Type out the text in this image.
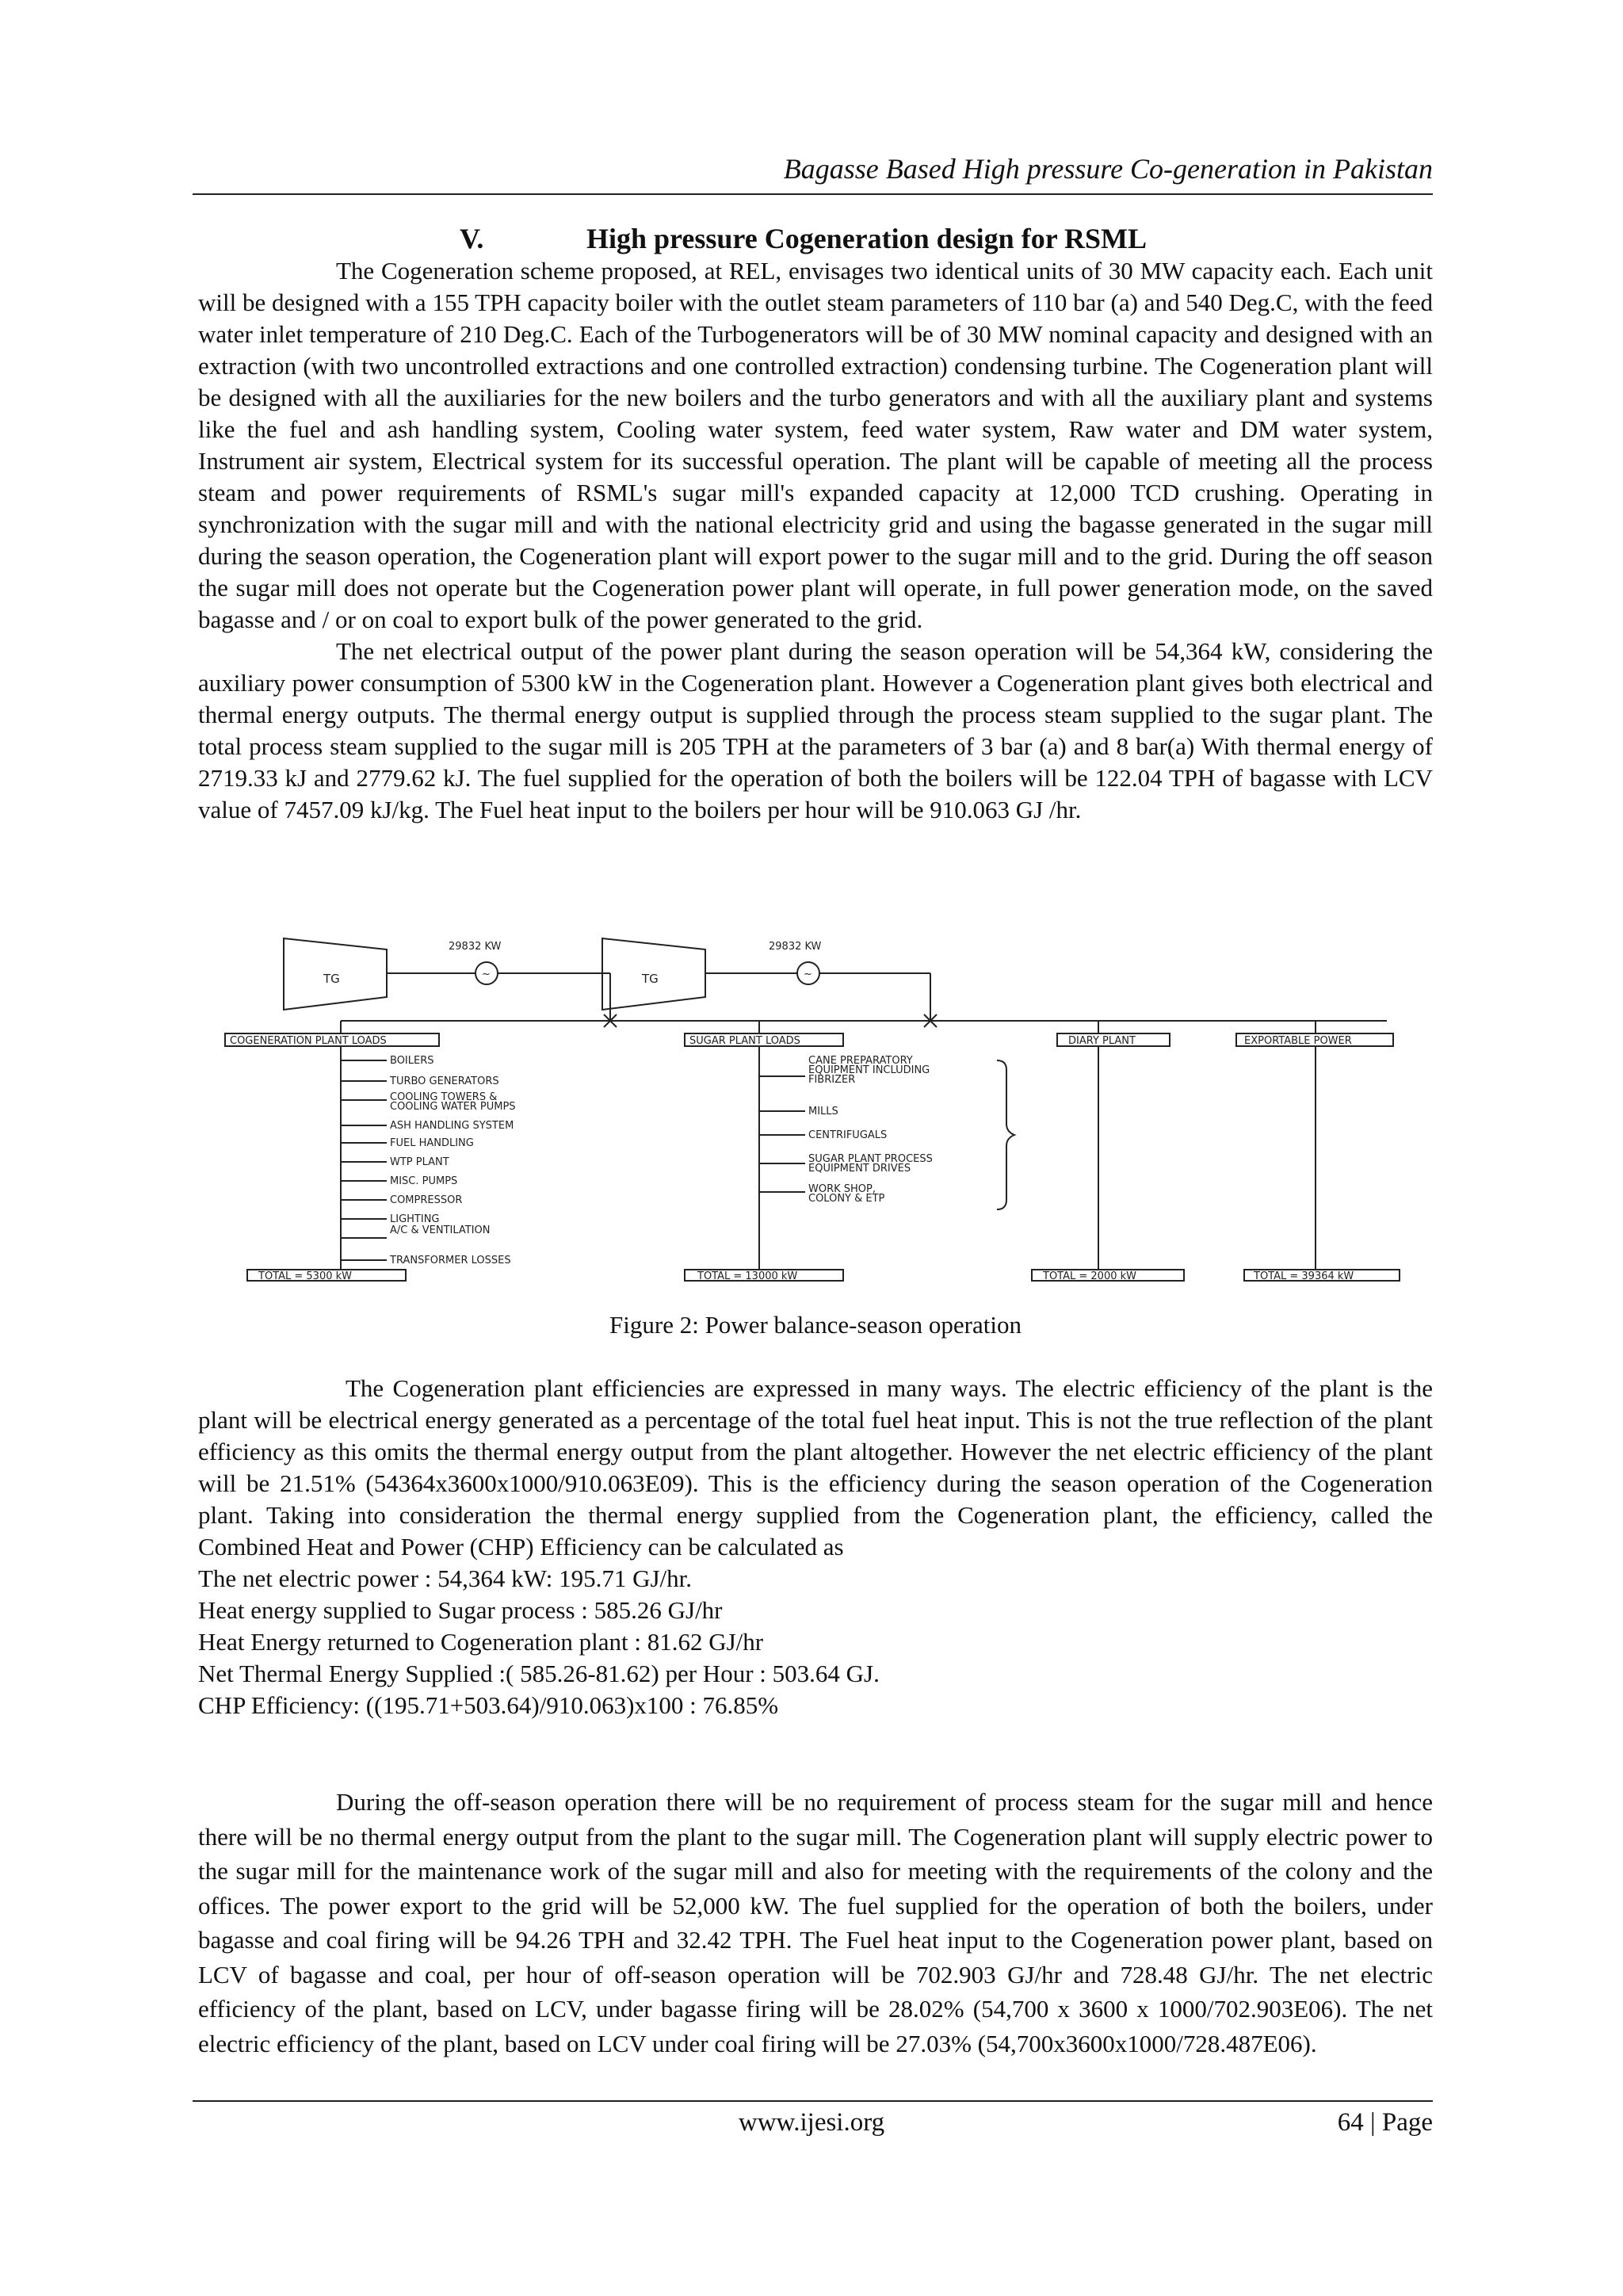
Bagasse Based High pressure Co-generation in Pakistan
V.	High pressure Cogeneration design for RSML

The Cogeneration scheme proposed, at REL, envisages two identical units of 30 MW capacity each. Each unit will be designed with a 155 TPH capacity boiler with the outlet steam parameters of 110 bar (a) and 540 Deg.C, with the feed water inlet temperature of 210 Deg.C. Each of the Turbogenerators will be of 30 MW nominal capacity and designed with an extraction (with two uncontrolled extractions and one controlled extraction) condensing turbine. The Cogeneration plant will be designed with all the auxiliaries for the new boilers and the turbo generators and with all the auxiliary plant and systems like the fuel and ash handling system, Cooling water system, feed water system, Raw water and DM water system, Instrument air system, Electrical system for its successful operation. The plant will be capable of meeting all the process steam and power requirements of RSML's sugar mill's expanded capacity at 12,000 TCD crushing. Operating in synchronization with the sugar mill and with the national electricity grid and using the bagasse generated in the sugar mill during the season operation, the Cogeneration plant will export power to the sugar mill and to the grid. During the off season the sugar mill does not operate but the Cogeneration power plant will operate, in full power generation mode, on the saved bagasse and / or on coal to export bulk of the power generated to the grid.

The net electrical output of the power plant during the season operation will be 54,364 kW, considering the auxiliary power consumption of 5300 kW in the Cogeneration plant. However a Cogeneration plant gives both electrical and thermal energy outputs. The thermal energy output is supplied through the process steam supplied to the sugar plant. The total process steam supplied to the sugar mill is 205 TPH at the parameters of 3 bar (a) and 8 bar(a) With thermal energy of 2719.33 kJ and 2779.62 kJ. The fuel supplied for the operation of both the boilers will be 122.04 TPH of bagasse with LCV value of 7457.09 kJ/kg. The Fuel heat input to the boilers per hour will be 910.063 GJ /hr.

TG
29832 KW
~	TG
29832 KW
~
COGENERATION PLANT LOADS	SUGAR PLANT LOADS	DIARY PLANT	EXPORTABLE POWER
BOILERS
TURBO GENERATORS
COOLING TOWERS &
COOLING WATER PUMPS
ASH HANDLING SYSTEM
FUEL HANDLING
WTP PLANT
MISC. PUMPS
COMPRESSOR
LIGHTING
A/C & VENTILATION
TRANSFORMER LOSSES
CANE PREPARATORY
EQUIPMENT INCLUDING
FIBRIZER
MILLS
CENTRIFUGALS
SUGAR PLANT PROCESS
EQUIPMENT DRIVES
WORK SHOP,
COLONY & ETP
TOTAL = 5300 kW	TOTAL = 13000 kW	TOTAL = 2000 kW	TOTAL = 39364 kW
Figure 2: Power balance-season operation

The Cogeneration plant efficiencies are expressed in many ways. The electric efficiency of the plant is the plant will be electrical energy generated as a percentage of the total fuel heat input. This is not the true reflection of the plant efficiency as this omits the thermal energy output from the plant altogether. However the net electric efficiency of the plant will be 21.51% (54364x3600x1000/910.063E09). This is the efficiency during the season operation of the Cogeneration plant. Taking into consideration the thermal energy supplied from the Cogeneration plant, the efficiency, called the Combined Heat and Power (CHP) Efficiency can be calculated as

The net electric power : 54,364 kW: 195.71 GJ/hr.
Heat energy supplied to Sugar process : 585.26 GJ/hr
Heat Energy returned to Cogeneration plant : 81.62 GJ/hr
Net Thermal Energy Supplied :( 585.26-81.62) per Hour : 503.64 GJ.
CHP Efficiency: ((195.71+503.64)/910.063)x100 : 76.85%

During the off-season operation there will be no requirement of process steam for the sugar mill and hence there will be no thermal energy output from the plant to the sugar mill. The Cogeneration plant will supply electric power to the sugar mill for the maintenance work of the sugar mill and also for meeting with the requirements of the colony and the offices. The power export to the grid will be 52,000 kW. The fuel supplied for the operation of both the boilers, under bagasse and coal firing will be 94.26 TPH and 32.42 TPH. The Fuel heat input to the Cogeneration power plant, based on LCV of bagasse and coal, per hour of off-season operation will be 702.903 GJ/hr and 728.48 GJ/hr. The net electric efficiency of the plant, based on LCV, under bagasse firing will be 28.02% (54,700 x 3600 x 1000/702.903E06). The net electric efficiency of the plant, based on LCV under coal firing will be 27.03% (54,700x3600x1000/728.487E06).

www.ijesi.org	64 | Page
